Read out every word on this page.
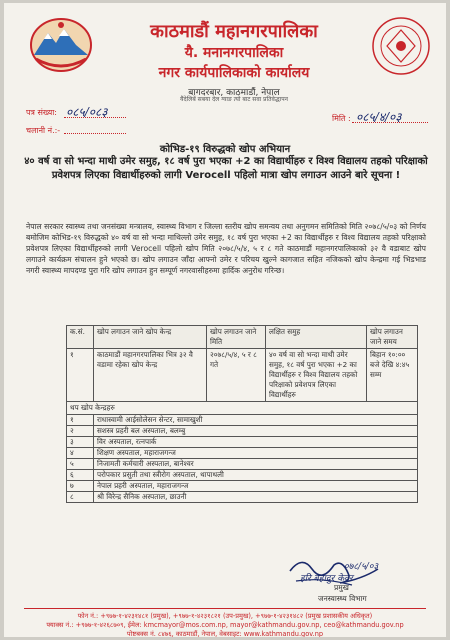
काठमाडौं महानगरपालिका
यै. मनानगरपालिका
नगर कार्यपालिकाको कार्यालय
बागदरबार, काठमाडौं, नेपाल
यैंदेलिबें सबया देल ग्याङ त्यो बाट सवा प्रतिवेद्धापन
पत्र संख्या: ०८५/०८३
चलानी नं.:-
मिति : ०८५/४/०३
कोभिड-१९ विरुद्धको खोप अभियान
४० वर्ष वा सो भन्दा माथी उमेर समुह, १८ वर्ष पुरा भएका +2 का विद्यार्थीहरु र विश्व विद्यालय तहको परिक्षाको प्रवेशपत्र लिएका विद्यार्थीहरुको लागी Verocell पहिलो मात्रा खोप लगाउन आउने बारे सूचना !
नेपाल सरकार स्वास्थ्य तथा जनसंख्या मन्त्रालय, स्वास्थ्य विभाग र जिल्ला स्तरीय खोप समन्वय तथा अनुगमन समितिको मिति २०७८/५/०३ को निर्णय बमोजिम कोभिड-१९ विरुद्धको ४० वर्ष वा सो भन्दा माथिल्लो उमेर समुह, १८ वर्ष पुरा भएका +2 का विद्यार्थीहरु र विश्व विद्यालय तहको परिक्षाको प्रवेशपत्र लिएका विद्यार्थीहरुको लागी Verocell पहिलो खोप मिति २०७८/५/४, ५ र ८ गते काठमाडौं महानगरपालिकाको ३२ वै वडाबाट खोप लगाउने कार्यक्रम संचालन हुने भएको छ। खोप लगाउन जाँदा आफ्नो उमेर र परिचय खुल्ने कागजात सहित नजिकको खोप केन्द्रमा गई भिडभाड नगरी स्वास्थ्य मापदण्ड पुरा गरि खोप लगाउन हुन सम्पूर्ण नगरवासीहरुमा हार्दिक अनुरोध गरिन्छ।
क.सं.	खोप लगाउन जाने खोप केन्द्र	खोप लगाउन जाने मिति	लक्षित समुह	खोप लगाउन जाने समय
१	काठमाडौं महानगरपालिका भित्र ३२ वै वडामा रहेका खोप केन्द्र	२०७८/५/४, ५ र ८ गते	४० वर्ष वा सो भन्दा माथी उमेर समुह, १८ वर्ष पुरा भएका +2 का विद्यार्थीहरु र विश्व विद्यालय तहको परिक्षाको प्रवेशपत्र लिएका विद्यार्थीहरु	बिहान १०:०० बजे देखि ४:४५ सम्म
थप खोप केन्द्रहरु				
१	राधास्वामी आईसोलेसन सेन्टर, सामाखुशी			
२	सशस्त्र प्रहरी बल अस्पताल, बलम्बु			
३	विर अस्पताल, रत्नपार्क			
४	शिक्षण अस्पताल, महाराजगन्ज			
५	निजामती कर्मचारी अस्पताल, बानेश्वर			
६	परोपकार प्रसुती तथा स्त्रीरोग अस्पताल, थापाथली			
७	नेपाल प्रहरी अस्पताल, महाराजगन्ज			
८	श्री विरेन्द्र सैनिक अस्पताल, छाउनी			
०७८/५/०३
हरि बहादुर केवर
प्रमुख
जनस्वास्थ्य विभाग
फोन नं.: +९७७-१-४२३१४८१ (प्रमुख), +९७७-१-४२३१८२१ (उप-प्रमुख), +९७७-१-४२३१४८२ (प्रमुख प्रशासकीय अधिकृत)
फ्याक्स नं.: +९७७-१-४२६८७०९, ईमेल: kmcmayor@mos.com.np, mayor@kathmandu.gov.np, ceo@kathmandu.gov.np
पोष्टबक्स नं. ८४७६, काठमाडौं, नेपाल, वेबसाइट: www.kathmandu.gov.np
